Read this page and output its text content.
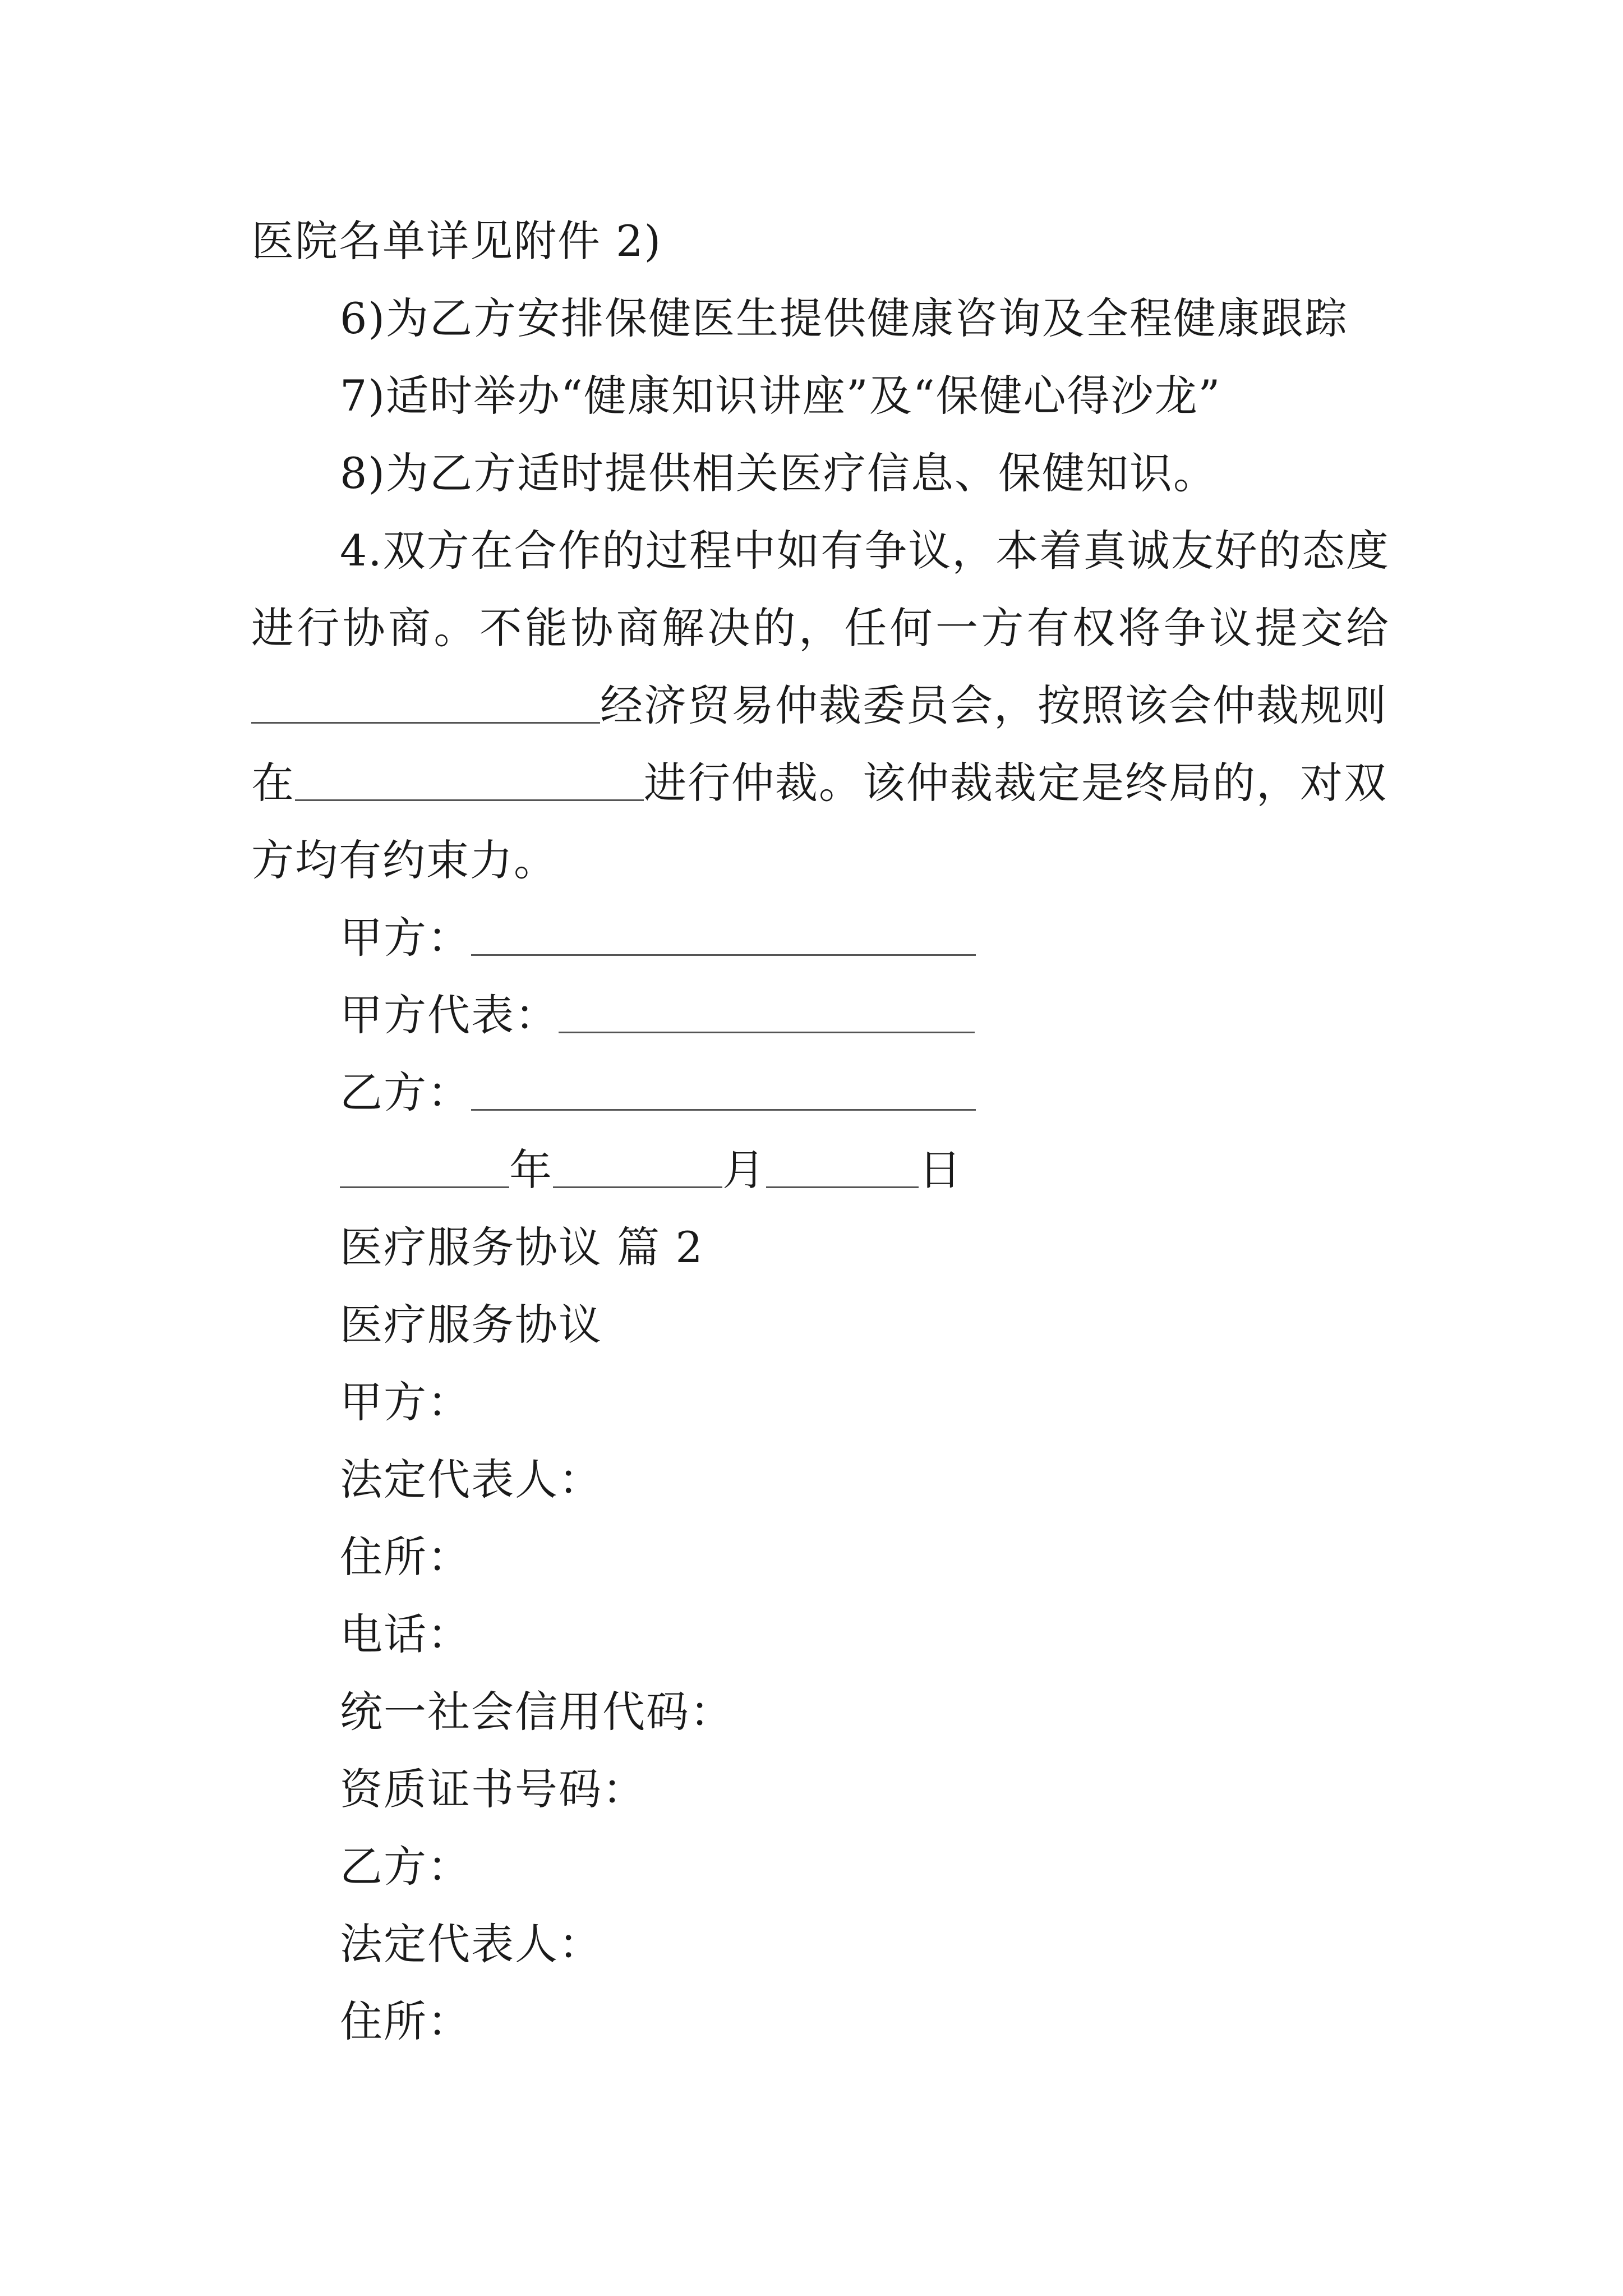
医院名单详见附件 2)
6)为乙方安排保健医生提供健康咨询及全程健康跟踪
7)适时举办“健康知识讲座”及“保健心得沙龙”
8)为乙方适时提供相关医疗信息、保健知识。
4.双方在合作的过程中如有争议，本着真诚友好的态度
进行协商。不能协商解决的，任何一方有权将争议提交给
经济贸易仲裁委员会，按照该会仲裁规则
在	进行仲裁。该仲裁裁定是终局的，对双
方均有约束力。
甲方：
甲方代表：
乙方：
年	月	日
医疗服务协议 篇 2
医疗服务协议
甲方：
法定代表人：
住所：
电话：
统一社会信用代码：
资质证书号码：
乙方：
法定代表人：
住所：
